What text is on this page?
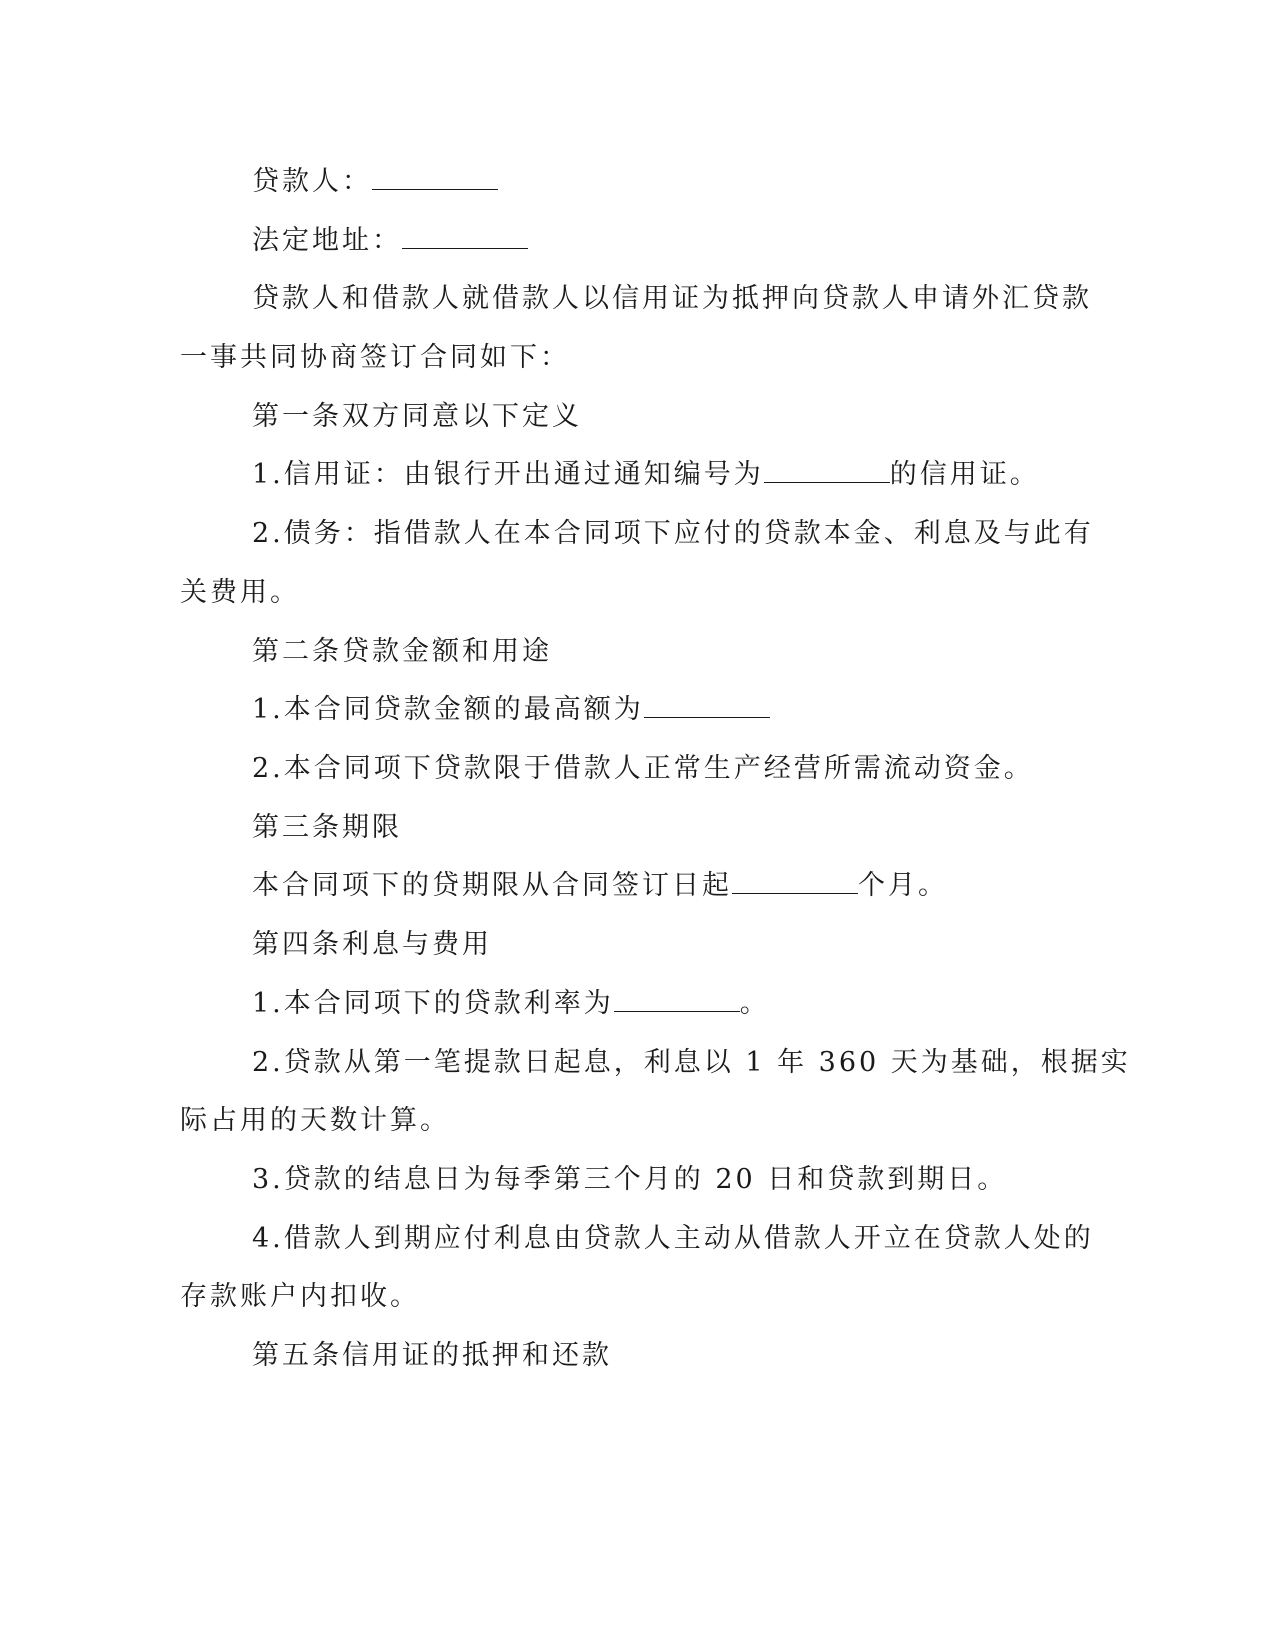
贷款人：
法定地址：
贷款人和借款人就借款人以信用证为抵押向贷款人申请外汇贷款
一事共同协商签订合同如下：
第一条双方同意以下定义
1.信用证：由银行开出通过通知编号为	的信用证。
2.债务：指借款人在本合同项下应付的贷款本金、利息及与此有
关费用。
第二条贷款金额和用途
1.本合同贷款金额的最高额为
2.本合同项下贷款限于借款人正常生产经营所需流动资金。
第三条期限
本合同项下的贷期限从合同签订日起	个月。
第四条利息与费用
1.本合同项下的贷款利率为	。
2.贷款从第一笔提款日起息，利息以 1 年 360 天为基础，根据实
际占用的天数计算。
3.贷款的结息日为每季第三个月的 20 日和贷款到期日。
4.借款人到期应付利息由贷款人主动从借款人开立在贷款人处的
存款账户内扣收。
第五条信用证的抵押和还款
